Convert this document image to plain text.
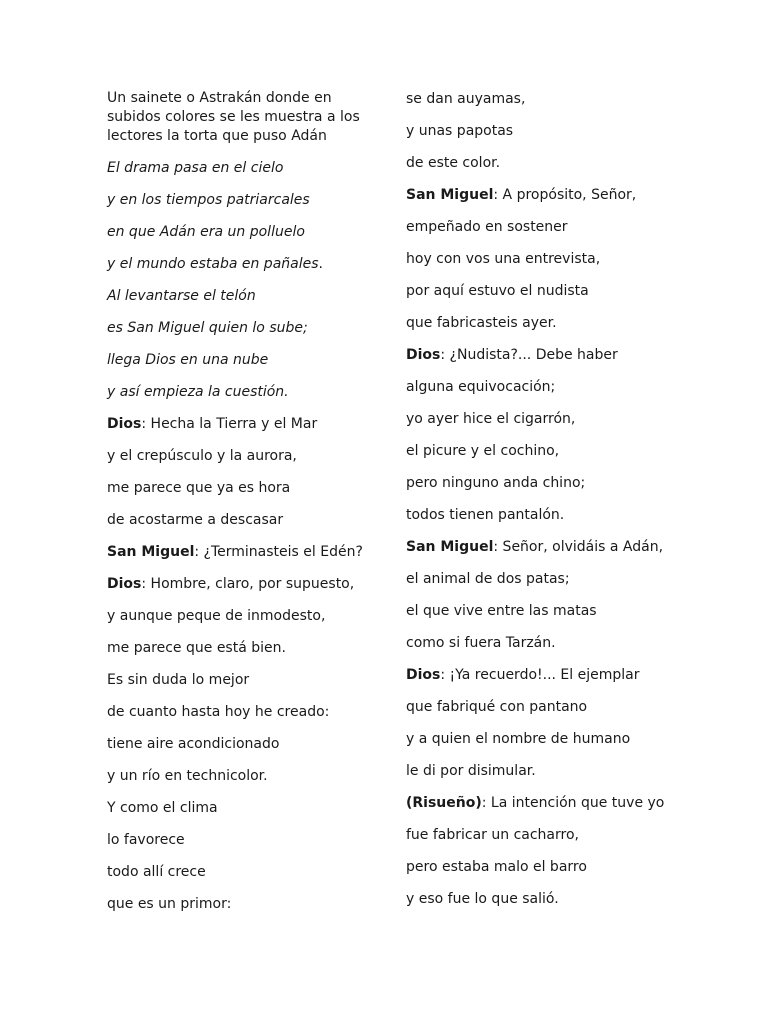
Un sainete o Astrakán donde en subidos colores se les muestra a los lectores la torta que puso Adán

El drama pasa en el cielo

y en los tiempos patriarcales

en que Adán era un polluelo

y el mundo estaba en pañales.

Al levantarse el telón

es San Miguel quien lo sube;

llega Dios en una nube

y así empieza la cuestión.

Dios: Hecha la Tierra y el Mar

y el crepúsculo y la aurora,

me parece que ya es hora

de acostarme a descasar

San Miguel: ¿Terminasteis el Edén?

Dios: Hombre, claro, por supuesto,

y aunque peque de inmodesto,

me parece que está bien.

Es sin duda lo mejor

de cuanto hasta hoy he creado:

tiene aire acondicionado

y un río en technicolor.

Y como el clima

lo favorece

todo allí crece

que es un primor:

se dan auyamas,

y unas papotas

de este color.

San Miguel: A propósito, Señor,

empeñado en sostener

hoy con vos una entrevista,

por aquí estuvo el nudista

que fabricasteis ayer.

Dios: ¿Nudista?... Debe haber

alguna equivocación;

yo ayer hice el cigarrón,

el picure y el cochino,

pero ninguno anda chino;

todos tienen pantalón.

San Miguel: Señor, olvidáis a Adán,

el animal de dos patas;

el que vive entre las matas

como si fuera Tarzán.

Dios: ¡Ya recuerdo!... El ejemplar

que fabriqué con pantano

y a quien el nombre de humano

le di por disimular.

(Risueño): La intención que tuve yo

fue fabricar un cacharro,

pero estaba malo el barro

y eso fue lo que salió.
